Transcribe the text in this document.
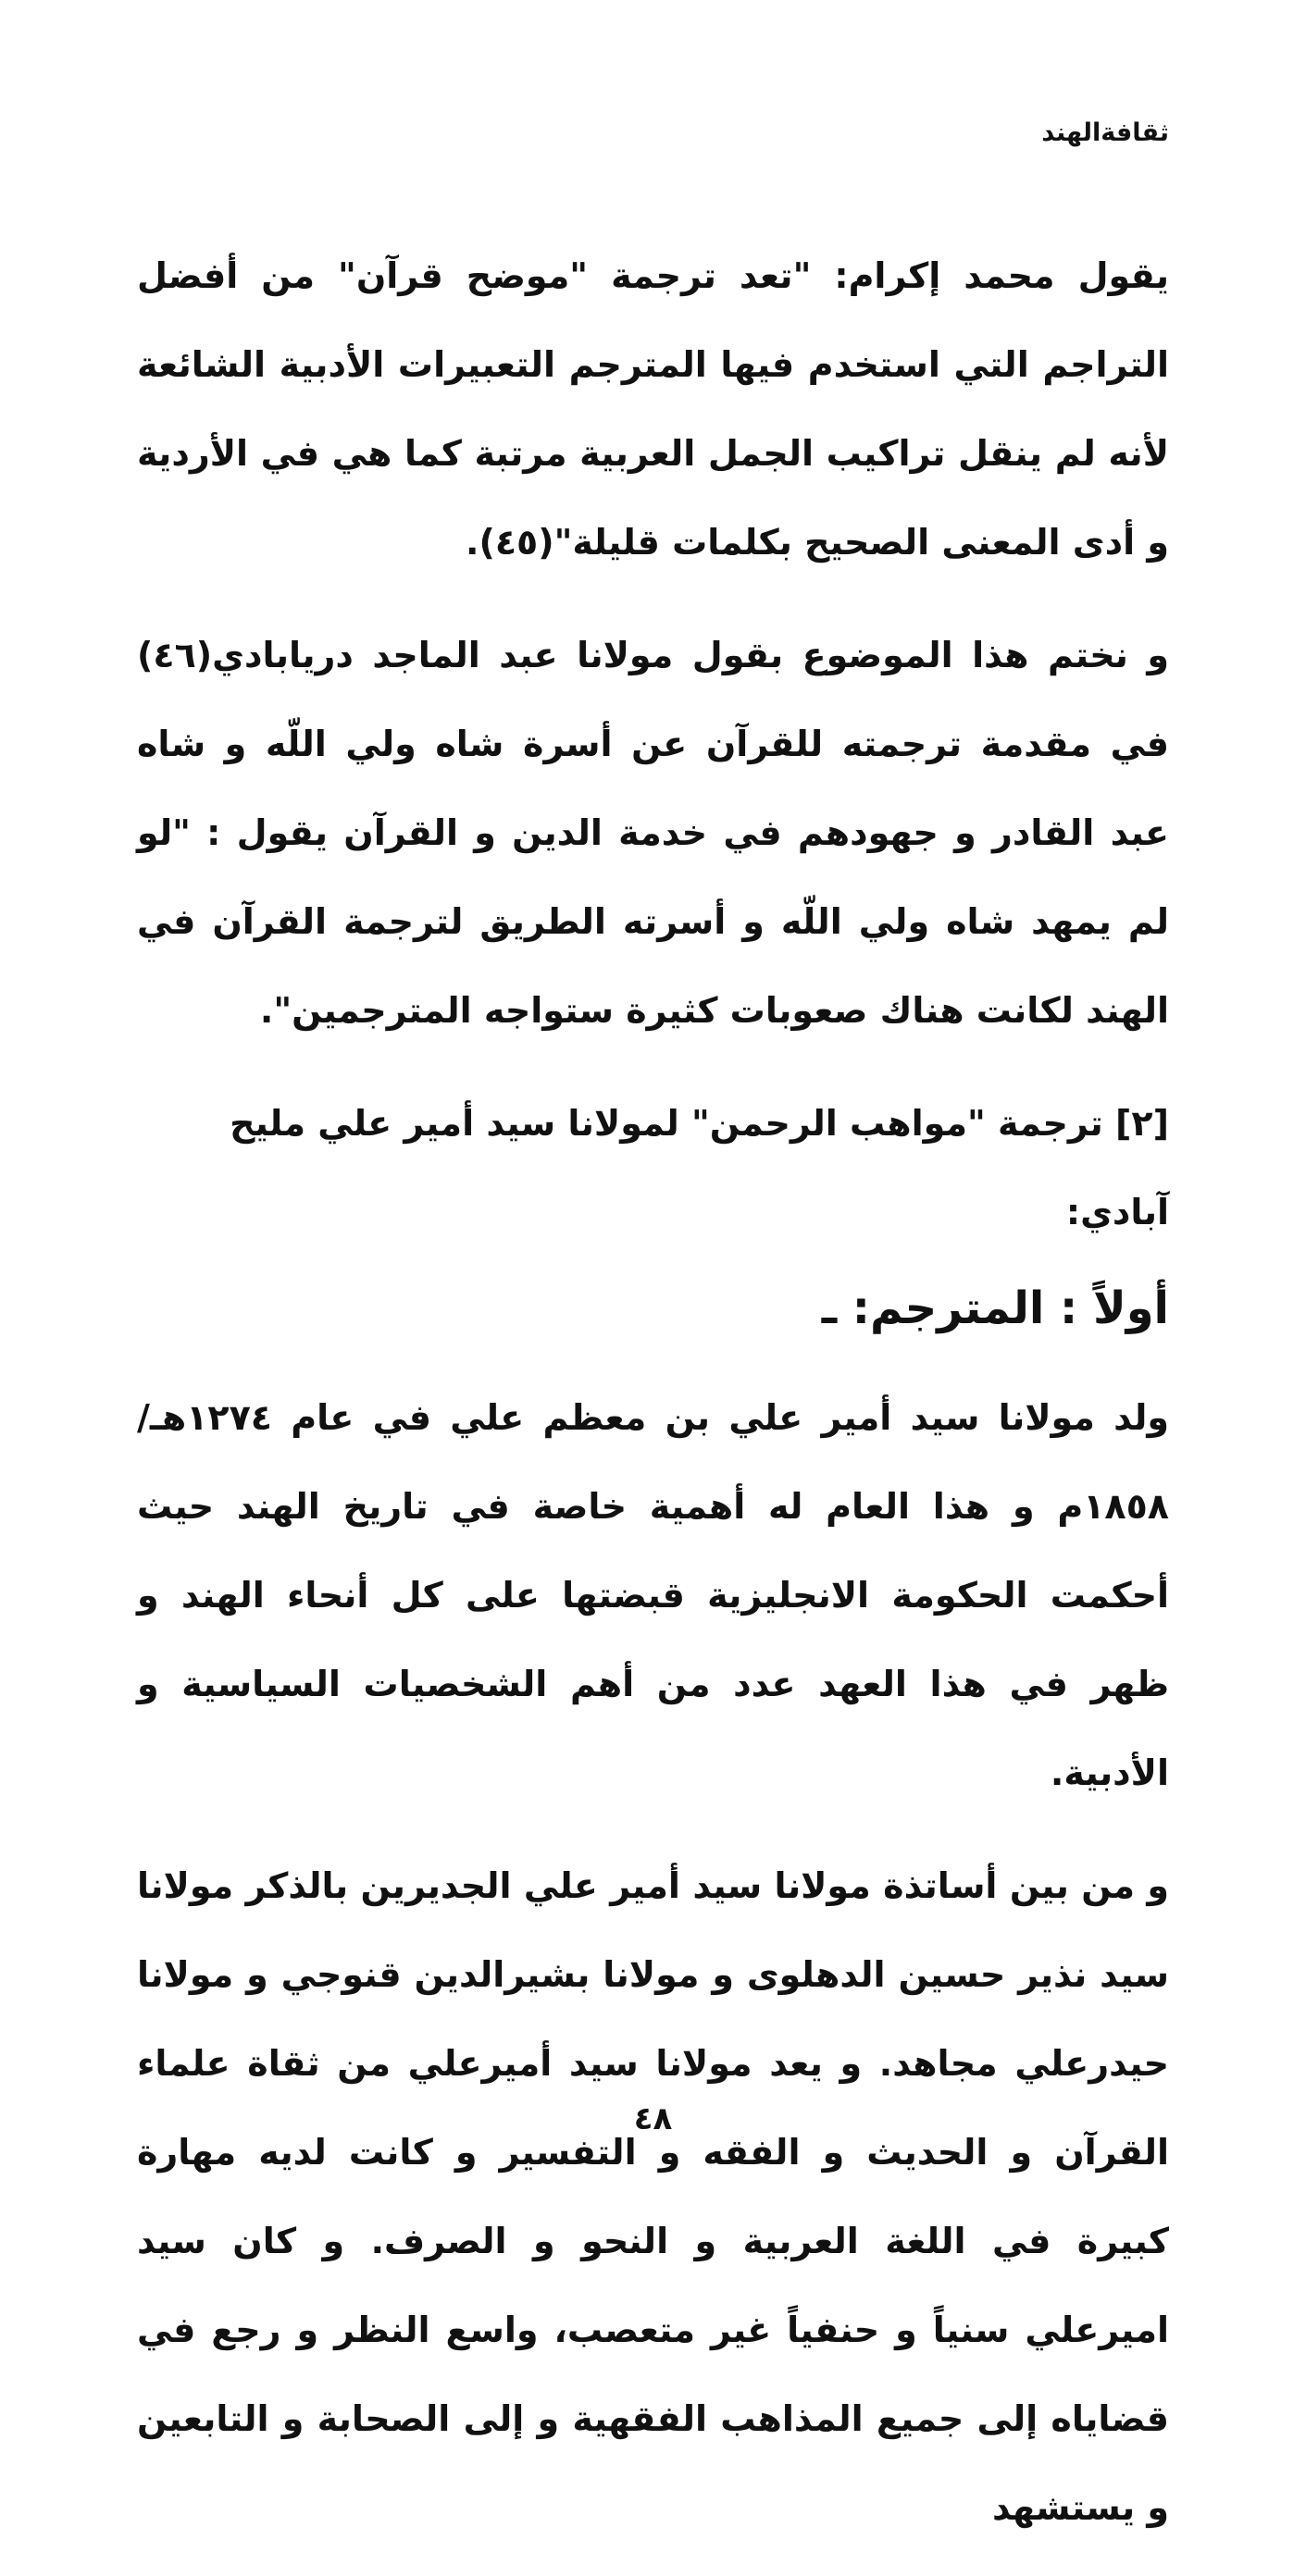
ثقافةالهند

يقول محمد إكرام: "تعد ترجمة "موضح قرآن" من أفضل التراجم التي استخدم فيها المترجم التعبيرات الأدبية الشائعة لأنه لم ينقل تراكيب الجمل العربية مرتبة كما هي في الأردية و أدى المعنى الصحيح بكلمات قليلة"(٤٥).

و نختم هذا الموضوع بقول مولانا عبد الماجد دريابادي(٤٦) في مقدمة ترجمته للقرآن عن أسرة شاه ولي اللّه و شاه عبد القادر و جهودهم في خدمة الدين و القرآن يقول : "لو لم يمهد شاه ولي اللّه و أسرته الطريق لترجمة القرآن في الهند لكانت هناك صعوبات كثيرة ستواجه المترجمين".

[٢] ترجمة "مواهب الرحمن" لمولانا سيد أمير علي مليح آبادي:

أولاً : المترجم: ـ

ولد مولانا سيد أمير علي بن معظم علي في عام ١٢٧٤هـ/١٨٥٨م و هذا العام له أهمية خاصة في تاريخ الهند حيث أحكمت الحكومة الانجليزية قبضتها على كل أنحاء الهند و ظهر في هذا العهد عدد من أهم الشخصيات السياسية و الأدبية.

و من بين أساتذة مولانا سيد أمير علي الجديرين بالذكر مولانا سيد نذير حسين الدهلوى و مولانا بشيرالدين قنوجي و مولانا حيدرعلي مجاهد. و يعد مولانا سيد أميرعلي من ثقاة علماء القرآن و الحديث و الفقه و التفسير و كانت لديه مهارة كبيرة في اللغة العربية و النحو و الصرف. و كان سيد اميرعلي سنياً و حنفياً غير متعصب، واسع النظر و رجع في قضاياه إلى جميع المذاهب الفقهية و إلى الصحابة و التابعين و يستشهد

٤٨
